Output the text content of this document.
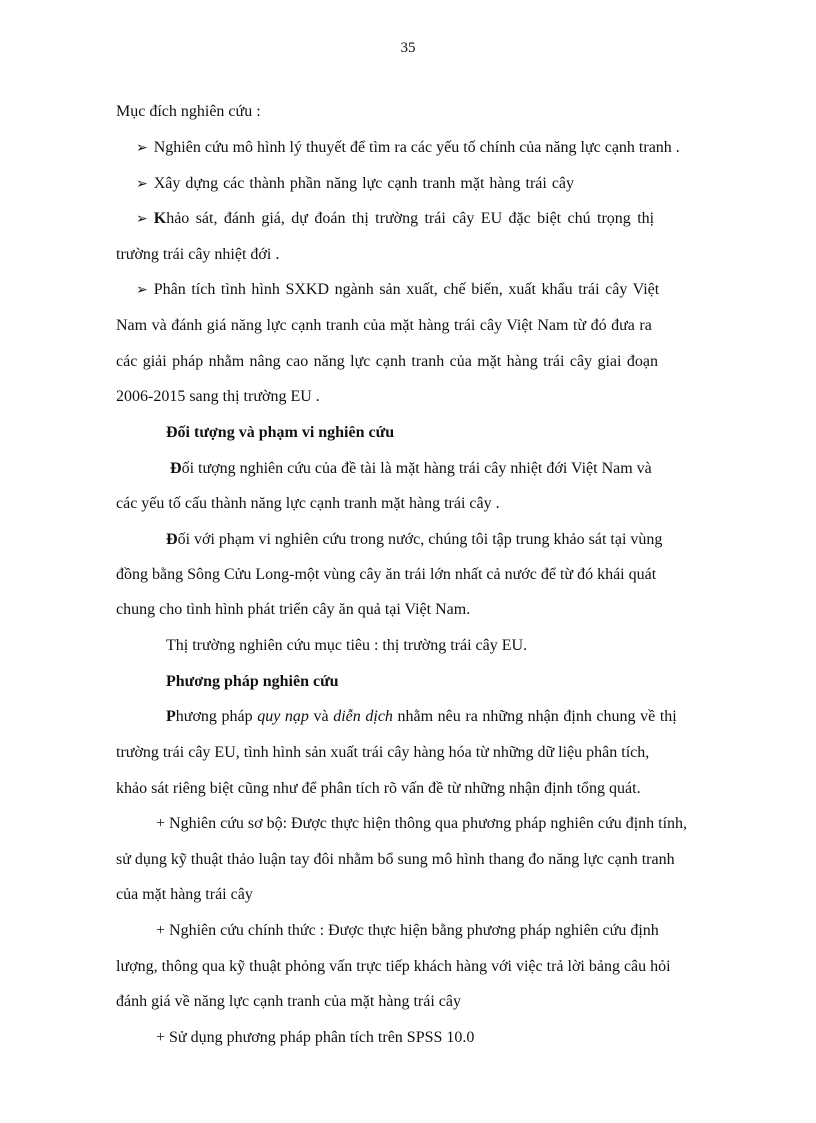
35
Mục đích nghiên cứu :
➢ Nghiên cứu mô hình lý thuyết để tìm ra các yếu tố chính của năng lực cạnh tranh .
➢ Xây dựng các thành phần năng lực cạnh tranh mặt hàng trái cây
➢ Khảo sát, đánh giá, dự đoán thị trường trái cây EU đặc biệt chú trọng thị
trường trái cây nhiệt đới .
➢ Phân tích tình hình SXKD ngành sản xuất, chế biến, xuất khẩu trái cây Việt
Nam và đánh giá năng lực cạnh tranh của mặt hàng trái cây Việt Nam từ đó đưa ra
các giải pháp nhằm nâng cao năng lực cạnh tranh của mặt hàng trái cây giai đoạn
2006-2015 sang thị trường EU .
Đối tượng và phạm vi nghiên cứu
Đối tượng nghiên cứu của đề tài là mặt hàng trái cây nhiệt đới Việt Nam và
các yếu tố cấu thành năng lực cạnh tranh mặt hàng trái cây .
Đối với phạm vi nghiên cứu trong nước, chúng tôi tập trung khảo sát tại vùng
đồng bằng Sông Cửu Long-một vùng cây ăn trái lớn nhất cả nước để từ đó khái quát
chung cho tình hình phát triển cây ăn quả tại Việt Nam.
Thị trường nghiên cứu mục tiêu : thị trường trái cây EU.
Phương pháp nghiên cứu
Phương pháp quy nạp và diễn dịch nhằm nêu ra những nhận định chung về thị
trường trái cây EU, tình hình sản xuất trái cây hàng hóa từ những dữ liệu phân tích,
khảo sát riêng biệt cũng như để phân tích rõ vấn đề từ những nhận định tổng quát.
+ Nghiên cứu sơ bộ: Được thực hiện thông qua phương pháp nghiên cứu định tính,
sử dụng kỹ thuật thảo luận tay đôi nhằm bổ sung mô hình thang đo năng lực cạnh tranh
của mặt hàng trái cây
+ Nghiên cứu chính thức : Được thực hiện bằng phương pháp nghiên cứu định
lượng, thông qua kỹ thuật phỏng vấn trực tiếp khách hàng với việc trả lời bảng câu hỏi
đánh giá về năng lực cạnh tranh của mặt hàng trái cây
+ Sử dụng phương pháp phân tích trên SPSS 10.0
